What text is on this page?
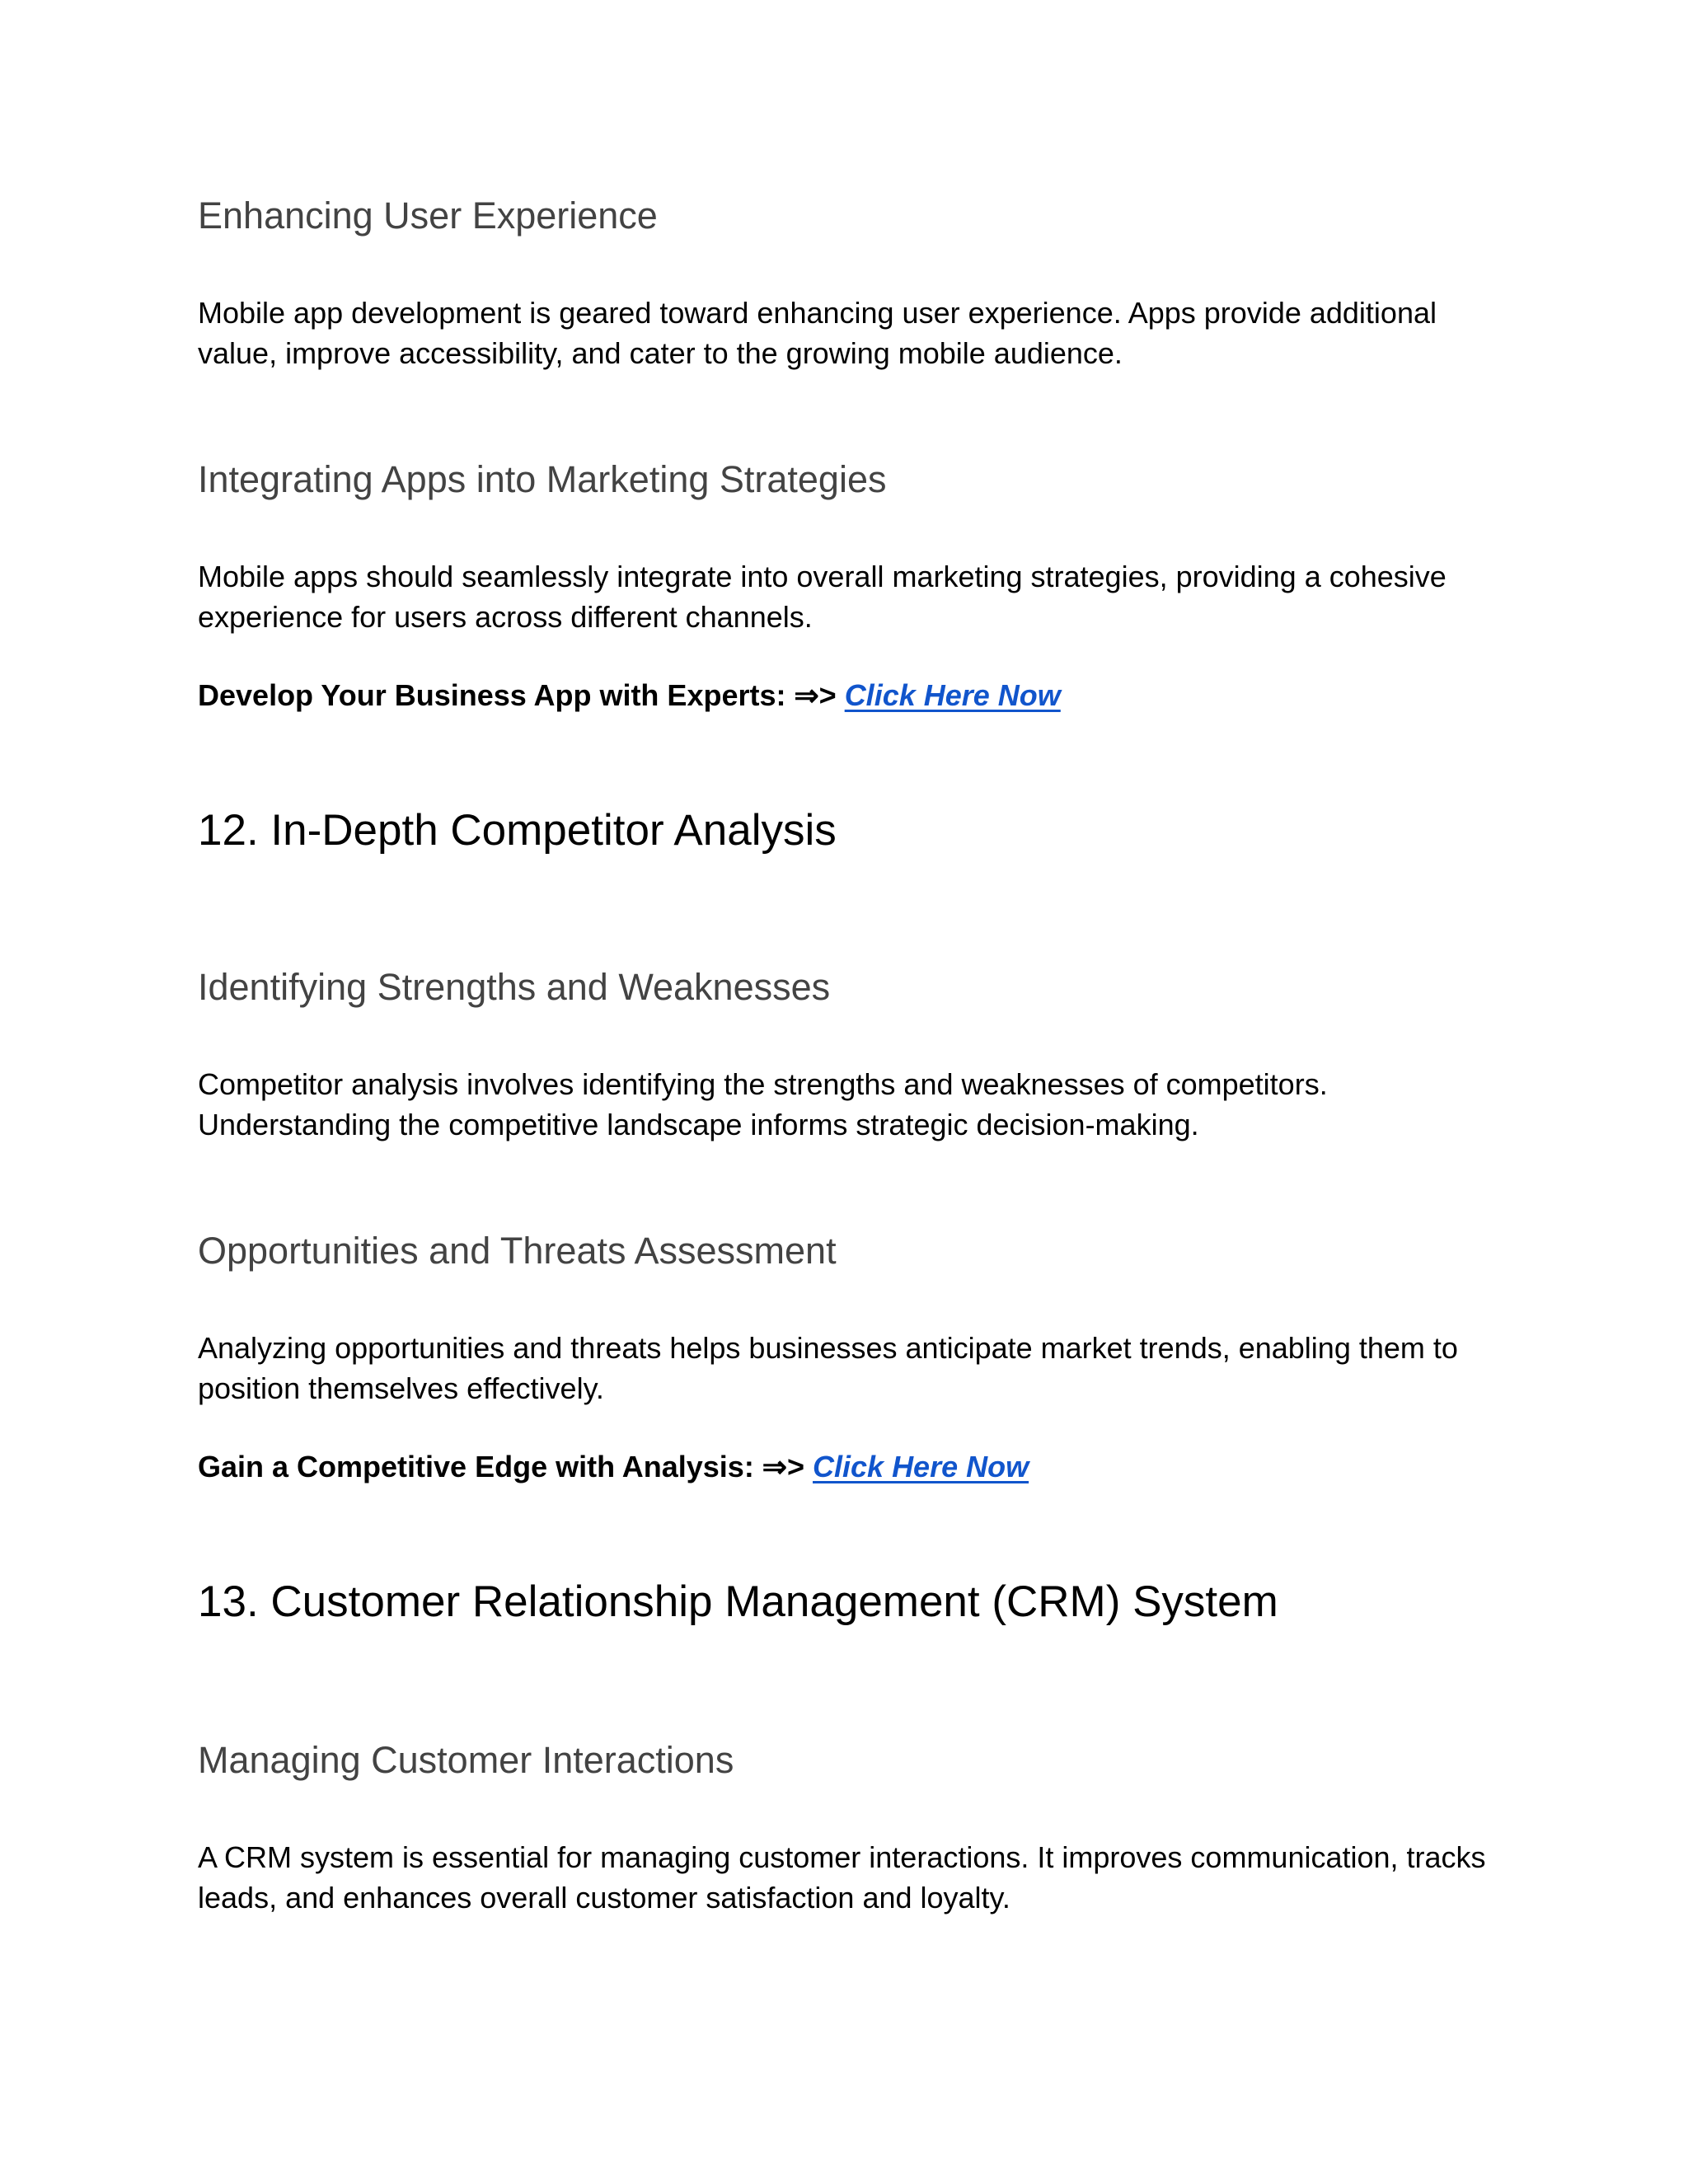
Enhancing User Experience

Mobile app development is geared toward enhancing user experience. Apps provide additional value, improve accessibility, and cater to the growing mobile audience.

Integrating Apps into Marketing Strategies

Mobile apps should seamlessly integrate into overall marketing strategies, providing a cohesive experience for users across different channels.

Develop Your Business App with Experts: ⇒> Click Here Now

12. In-Depth Competitor Analysis
Identifying Strengths and Weaknesses

Competitor analysis involves identifying the strengths and weaknesses of competitors. Understanding the competitive landscape informs strategic decision-making.

Opportunities and Threats Assessment

Analyzing opportunities and threats helps businesses anticipate market trends, enabling them to position themselves effectively.

Gain a Competitive Edge with Analysis: ⇒> Click Here Now

13. Customer Relationship Management (CRM) System
Managing Customer Interactions

A CRM system is essential for managing customer interactions. It improves communication, tracks leads, and enhances overall customer satisfaction and loyalty.
